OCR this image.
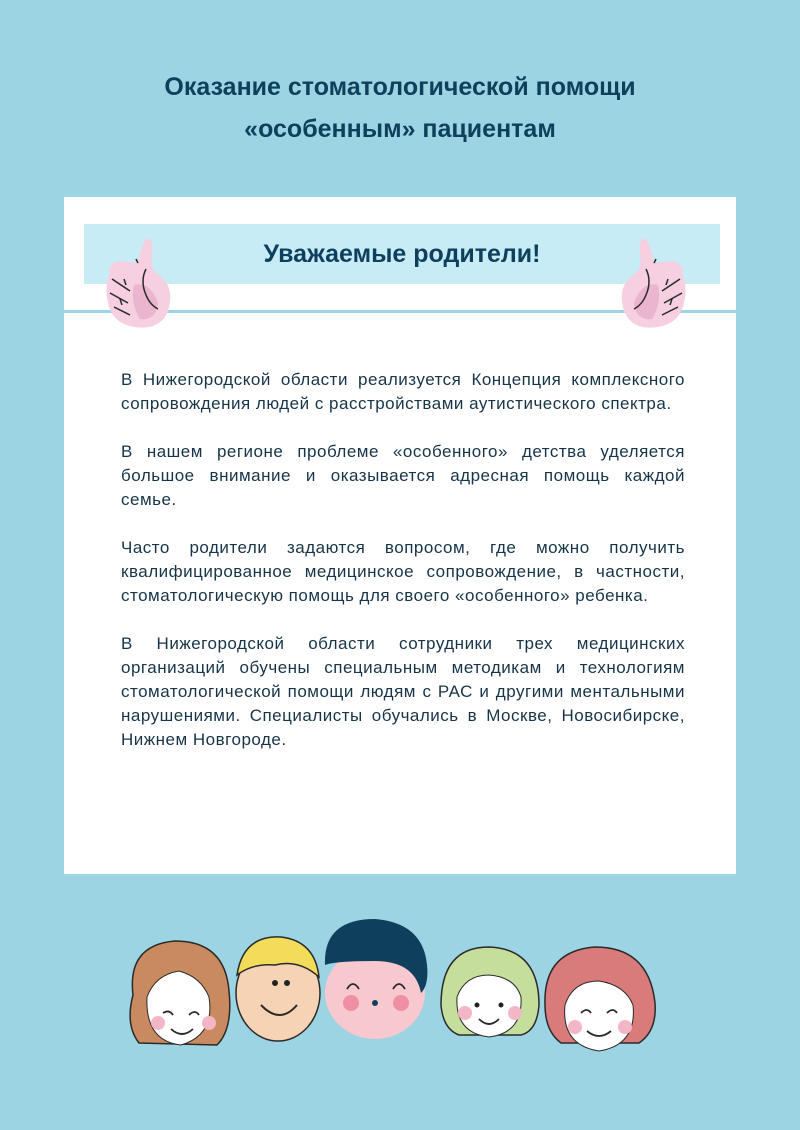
Оказание стоматологической помощи
«особенным» пациентам
Уважаемые родители!

В Нижегородской области реализуется Концепция комплексного сопровождения людей с расстройствами аутистического спектра.

В нашем регионе проблеме «особенного» детства уделяется большое внимание и оказывается адресная помощь каждой семье.

Часто родители задаются вопросом, где можно получить квалифицированное медицинское сопровождение, в частности, стоматологическую помощь для своего «особенного» ребенка.

В Нижегородской области сотрудники трех медицинских организаций обучены специальным методикам и технологиям стоматологической помощи людям с РАС и другими ментальными нарушениями. Специалисты обучались в Москве, Новосибирске, Нижнем Новгороде.
